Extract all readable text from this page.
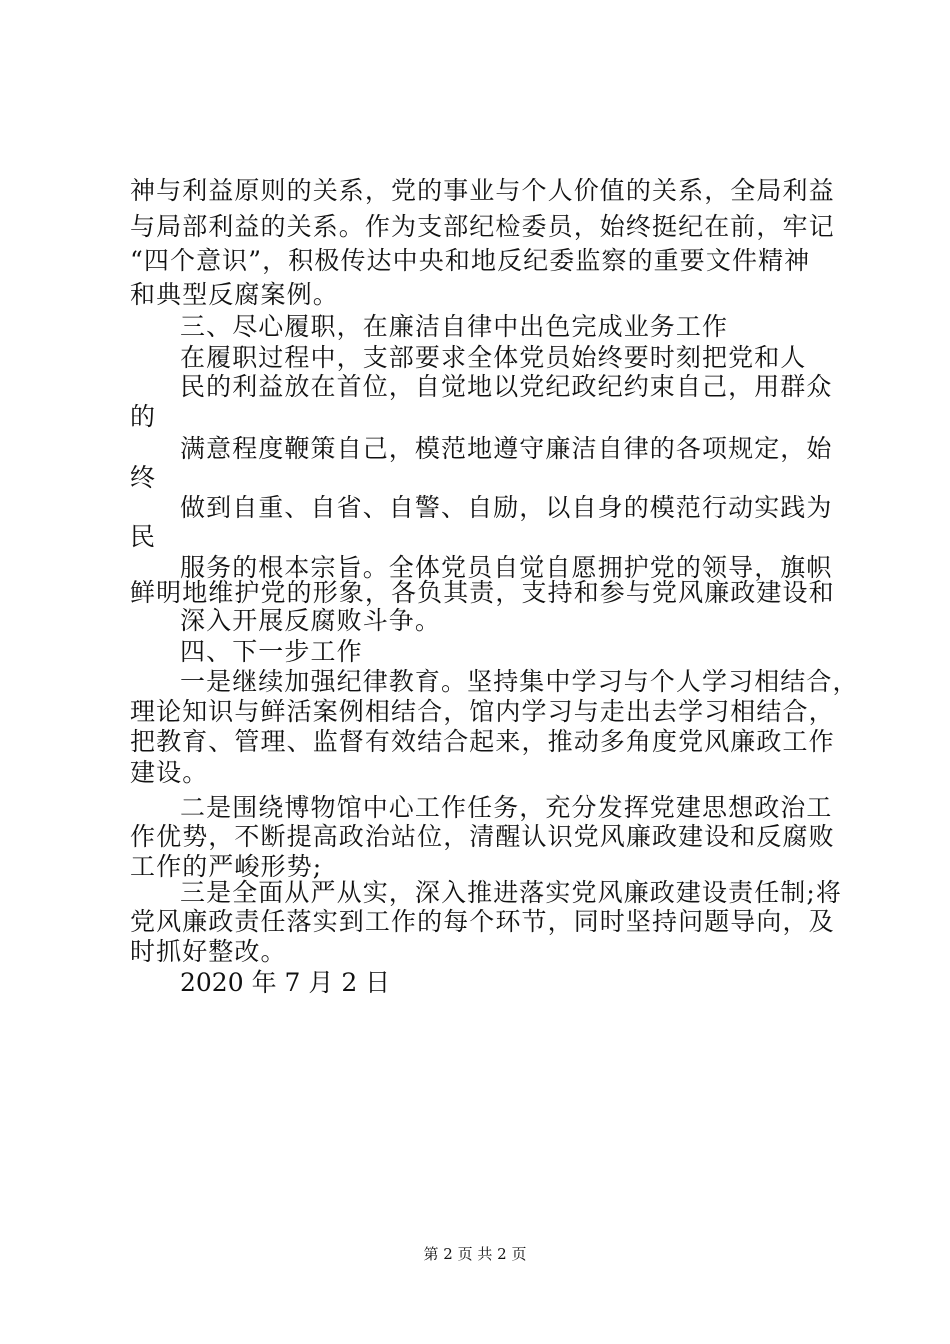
神与利益原则的关系，党的事业与个人价值的关系，全局利益
与局部利益的关系。作为支部纪检委员，始终挺纪在前，牢记
“四个意识”，积极传达中央和地反纪委监察的重要文件精神
和典型反腐案例。
三、尽心履职，在廉洁自律中出色完成业务工作
在履职过程中，支部要求全体党员始终要时刻把党和人
民的利益放在首位，自觉地以党纪政纪约束自己，用群众
的
满意程度鞭策自己，模范地遵守廉洁自律的各项规定，始
终
做到自重、自省、自警、自励，以自身的模范行动实践为
民
服务的根本宗旨。全体党员自觉自愿拥护党的领导，旗帜
鲜明地维护党的形象，各负其责，支持和参与党风廉政建设和
深入开展反腐败斗争。
四、下一步工作
一是继续加强纪律教育。坚持集中学习与个人学习相结合，
理论知识与鲜活案例相结合，馆内学习与走出去学习相结合，
把教育、管理、监督有效结合起来，推动多角度党风廉政工作
建设。
二是围绕博物馆中心工作任务，充分发挥党建思想政治工
作优势，不断提高政治站位，清醒认识党风廉政建设和反腐败
工作的严峻形势;
三是全面从严从实，深入推进落实党风廉政建设责任制;将
党风廉政责任落实到工作的每个环节，同时坚持问题导向，及
时抓好整改。
2020 年 7 月 2 日
第 2 页 共 2 页
